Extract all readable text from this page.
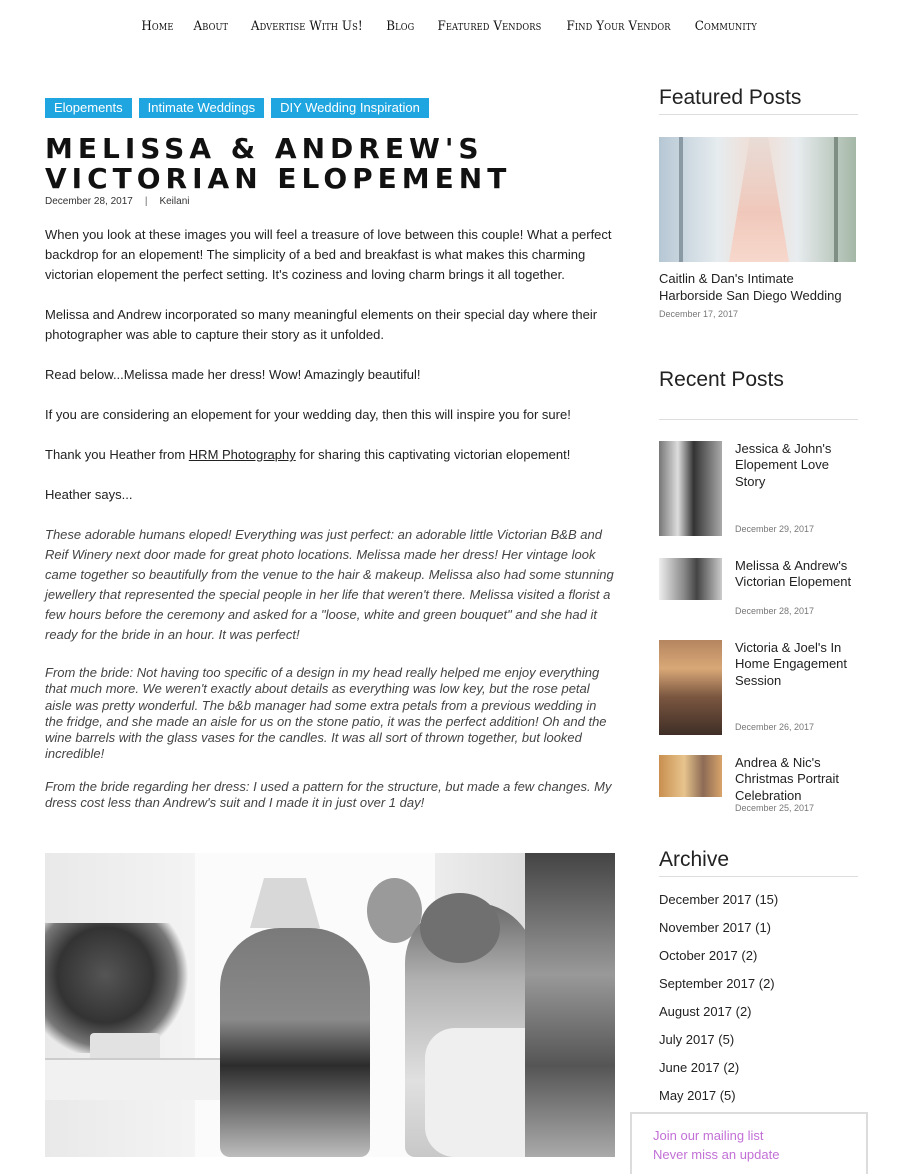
Home About Advertise With Us! Blog Featured Vendors Find Your Vendor Community
Elopements	Intimate Weddings	DIY Wedding Inspiration
MELISSA & ANDREW'S
VICTORIAN ELOPEMENT
December 28, 2017	|	Keilani

When you look at these images you will feel a treasure of love between this couple! What a perfect backdrop for an elopement! The simplicity of a bed and breakfast is what makes this charming victorian elopement the perfect setting. It's coziness and loving charm brings it all together.

Melissa and Andrew incorporated so many meaningful elements on their special day where their photographer was able to capture their story as it unfolded.

Read below...Melissa made her dress! Wow! Amazingly beautiful!

If you are considering an elopement for your wedding day, then this will inspire you for sure!

Thank you Heather from HRM Photography for sharing this captivating victorian elopement!

Heather says...

These adorable humans eloped! Everything was just perfect: an adorable little Victorian B&B and Reif Winery next door made for great photo locations. Melissa made her dress! Her vintage look came together so beautifully from the venue to the hair & makeup. Melissa also had some stunning jewellery that represented the special people in her life that weren't there. Melissa visited a florist a few hours before the ceremony and asked for a "loose, white and green bouquet" and she had it ready for the bride in an hour. It was perfect!

From the bride: Not having too specific of a design in my head really helped me enjoy everything that much more. We weren't exactly about details as everything was low key, but the rose petal aisle was pretty wonderful. The b&b manager had some extra petals from a previous wedding in the fridge, and she made an aisle for us on the stone patio, it was the perfect addition! Oh and the wine barrels with the glass vases for the candles. It was all sort of thrown together, but looked incredible!

From the bride regarding her dress: I used a pattern for the structure, but made a few changes. My dress cost less than Andrew's suit and I made it in just over 1 day!

Featured Posts
Caitlin & Dan's Intimate Harborside San Diego Wedding
December 17, 2017
Recent Posts
Jessica & John's Elopement Love Story
December 29, 2017
Melissa & Andrew's Victorian Elopement
December 28, 2017
Victoria & Joel's In Home Engagement Session
December 26, 2017
Andrea & Nic's Christmas Portrait Celebration
December 25, 2017
Archive
December 2017 (15)
November 2017 (1)
October 2017 (2)
September 2017 (2)
August 2017 (2)
July 2017 (5)
June 2017 (2)
May 2017 (5)
Join our mailing list
Never miss an update
